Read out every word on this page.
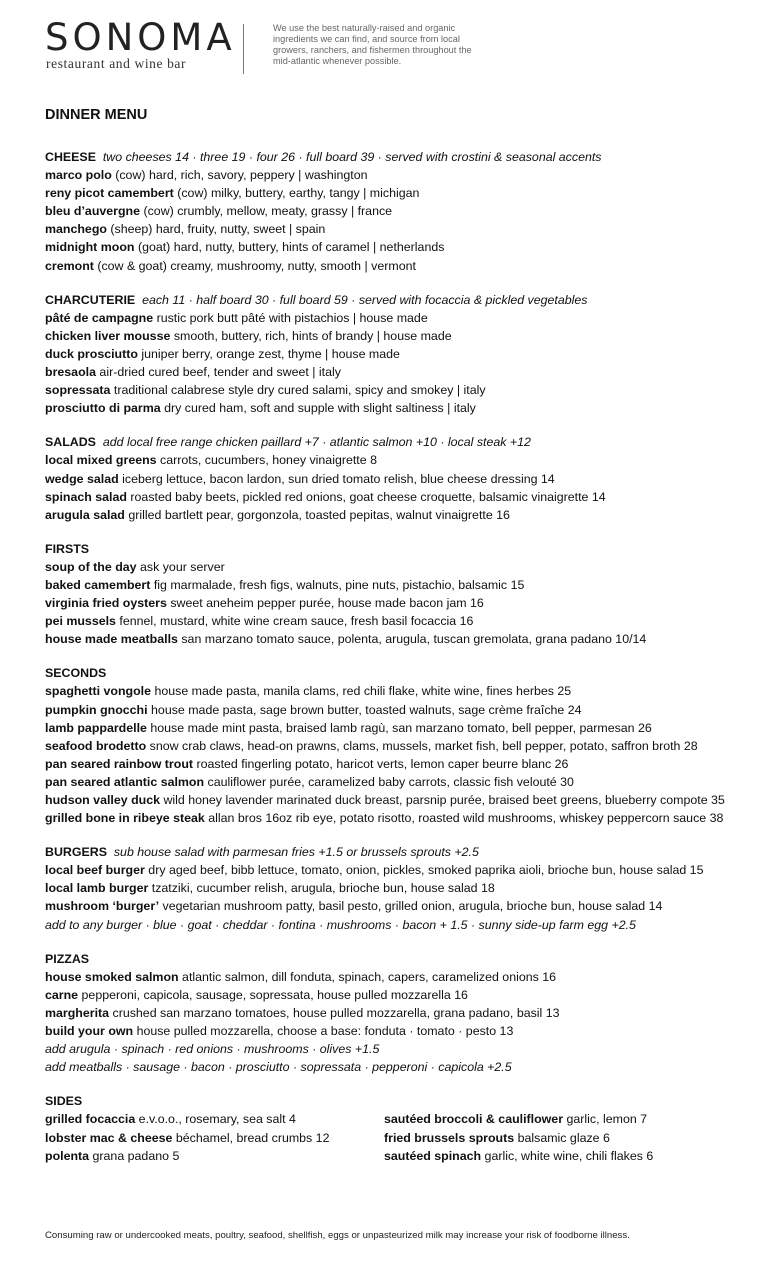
SONOMA
restaurant and wine bar
We use the best naturally-raised and organic ingredients we can find, and source from local growers, ranchers, and fishermen throughout the mid-atlantic whenever possible.
DINNER MENU
CHEESE two cheeses 14 · three 19 · four 26 · full board 39 · served with crostini & seasonal accents
marco polo (cow) hard, rich, savory, peppery | washington
reny picot camembert (cow) milky, buttery, earthy, tangy | michigan
bleu d’auvergne (cow) crumbly, mellow, meaty, grassy | france
manchego (sheep) hard, fruity, nutty, sweet | spain
midnight moon (goat) hard, nutty, buttery, hints of caramel | netherlands
cremont (cow & goat) creamy, mushroomy, nutty, smooth | vermont
CHARCUTERIE each 11 · half board 30 · full board 59 · served with focaccia & pickled vegetables
pâté de campagne rustic pork butt pâté with pistachios | house made
chicken liver mousse smooth, buttery, rich, hints of brandy | house made
duck prosciutto juniper berry, orange zest, thyme | house made
bresaola air-dried cured beef, tender and sweet | italy
sopressata traditional calabrese style dry cured salami, spicy and smokey | italy
prosciutto di parma dry cured ham, soft and supple with slight saltiness | italy
SALADS add local free range chicken paillard +7 · atlantic salmon +10 · local steak +12
local mixed greens carrots, cucumbers, honey vinaigrette 8
wedge salad iceberg lettuce, bacon lardon, sun dried tomato relish, blue cheese dressing 14
spinach salad roasted baby beets, pickled red onions, goat cheese croquette, balsamic vinaigrette 14
arugula salad grilled bartlett pear, gorgonzola, toasted pepitas, walnut vinaigrette 16
FIRSTS
soup of the day ask your server
baked camembert fig marmalade, fresh figs, walnuts, pine nuts, pistachio, balsamic 15
virginia fried oysters sweet aneheim pepper purée, house made bacon jam 16
pei mussels fennel, mustard, white wine cream sauce, fresh basil focaccia 16
house made meatballs san marzano tomato sauce, polenta, arugula, tuscan gremolata, grana padano 10/14
SECONDS
spaghetti vongole house made pasta, manila clams, red chili flake, white wine, fines herbes 25
pumpkin gnocchi house made pasta, sage brown butter, toasted walnuts, sage crème fraîche 24
lamb pappardelle house made mint pasta, braised lamb ragù, san marzano tomato, bell pepper, parmesan 26
seafood brodetto snow crab claws, head-on prawns, clams, mussels, market fish, bell pepper, potato, saffron broth 28
pan seared rainbow trout roasted fingerling potato, haricot verts, lemon caper beurre blanc 26
pan seared atlantic salmon cauliflower purée, caramelized baby carrots, classic fish velouté 30
hudson valley duck wild honey lavender marinated duck breast, parsnip purée, braised beet greens, blueberry compote 35
grilled bone in ribeye steak allan bros 16oz rib eye, potato risotto, roasted wild mushrooms, whiskey peppercorn sauce 38
BURGERS sub house salad with parmesan fries +1.5 or brussels sprouts +2.5
local beef burger dry aged beef, bibb lettuce, tomato, onion, pickles, smoked paprika aioli, brioche bun, house salad 15
local lamb burger tzatziki, cucumber relish, arugula, brioche bun, house salad 18
mushroom ‘burger’ vegetarian mushroom patty, basil pesto, grilled onion, arugula, brioche bun, house salad 14
add to any burger · blue · goat · cheddar · fontina · mushrooms · bacon + 1.5 · sunny side-up farm egg +2.5
PIZZAS
house smoked salmon atlantic salmon, dill fonduta, spinach, capers, caramelized onions 16
carne pepperoni, capicola, sausage, sopressata, house pulled mozzarella 16
margherita crushed san marzano tomatoes, house pulled mozzarella, grana padano, basil 13
build your own house pulled mozzarella, choose a base: fonduta · tomato · pesto 13
add arugula · spinach · red onions · mushrooms · olives +1.5
add meatballs · sausage · bacon · prosciutto · sopressata · pepperoni · capicola +2.5
SIDES
grilled focaccia e.v.o.o., rosemary, sea salt 4	sautéed broccoli & cauliflower garlic, lemon 7
lobster mac & cheese béchamel, bread crumbs 12	fried brussels sprouts balsamic glaze 6
polenta grana padano 5	sautéed spinach garlic, white wine, chili flakes 6
Consuming raw or undercooked meats, poultry, seafood, shellfish, eggs or unpasteurized milk may increase your risk of foodborne illness.
